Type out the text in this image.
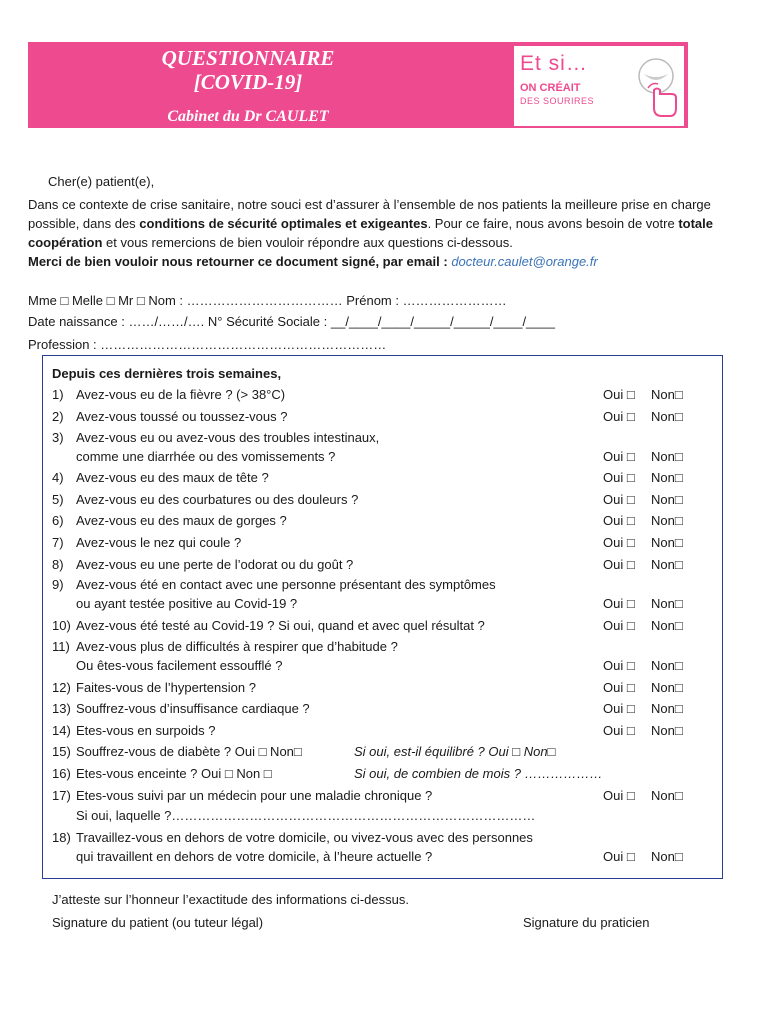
QUESTIONNAIRE
[COVID-19]
Cabinet du Dr CAULET
Et si…
ON CRÉAIT
DES SOURIRES
Cher(e) patient(e),
Dans ce contexte de crise sanitaire, notre souci est d’assurer à l’ensemble de nos patients la meilleure prise en charge possible, dans des conditions de sécurité optimales et exigeantes. Pour ce faire, nous avons besoin de votre totale coopération et vous remercions de bien vouloir répondre aux questions ci-dessous.
Merci de bien vouloir nous retourner ce document signé, par email : docteur.caulet@orange.fr
Mme □ Melle □ Mr □ Nom : ……………………………… Prénom : ……………………
Date naissance : ……/……/…. N° Sécurité Sociale : __/____/____/_____/_____/____/____
Profession : …………………………………………………………
Depuis ces dernières trois semaines,
1) Avez-vous eu de la fièvre ? (> 38°C)	Oui □ Non□
2) Avez-vous toussé ou toussez-vous ?	Oui □ Non□
3) Avez-vous eu ou avez-vous des troubles intestinaux,
comme une diarrhée ou des vomissements ?	Oui □ Non□
4) Avez-vous eu des maux de tête ?	Oui □ Non□
5) Avez-vous eu des courbatures ou des douleurs ?	Oui □ Non□
6) Avez-vous eu des maux de gorges ?	Oui □ Non□
7) Avez-vous le nez qui coule ?	Oui □ Non□
8) Avez-vous eu une perte de l’odorat ou du goût ?	Oui □ Non□
9) Avez-vous été en contact avec une personne présentant des symptômes
ou ayant testée positive au Covid-19 ?	Oui □ Non□
10) Avez-vous été testé au Covid-19 ? Si oui, quand et avec quel résultat ?	Oui □ Non□
11) Avez-vous plus de difficultés à respirer que d’habitude ?
Ou êtes-vous facilement essoufflé ?	Oui □ Non□
12) Faites-vous de l’hypertension ?	Oui □ Non□
13) Souffrez-vous d’insuffisance cardiaque ?	Oui □ Non□
14) Etes-vous en surpoids ?	Oui □ Non□
15) Souffrez-vous de diabète ? Oui □ Non□	Si oui, est-il équilibré ? Oui □ Non□
16) Etes-vous enceinte ? Oui □ Non □	Si oui, de combien de mois ? ………………
17) Etes-vous suivi par un médecin pour une maladie chronique ?	Oui □ Non□
Si oui, laquelle ?…………………………………………………………………………
18) Travaillez-vous en dehors de votre domicile, ou vivez-vous avec des personnes
qui travaillent en dehors de votre domicile, à l’heure actuelle ?	Oui □ Non□
J’atteste sur l’honneur l’exactitude des informations ci-dessus.
Signature du patient (ou tuteur légal)	Signature du praticien
